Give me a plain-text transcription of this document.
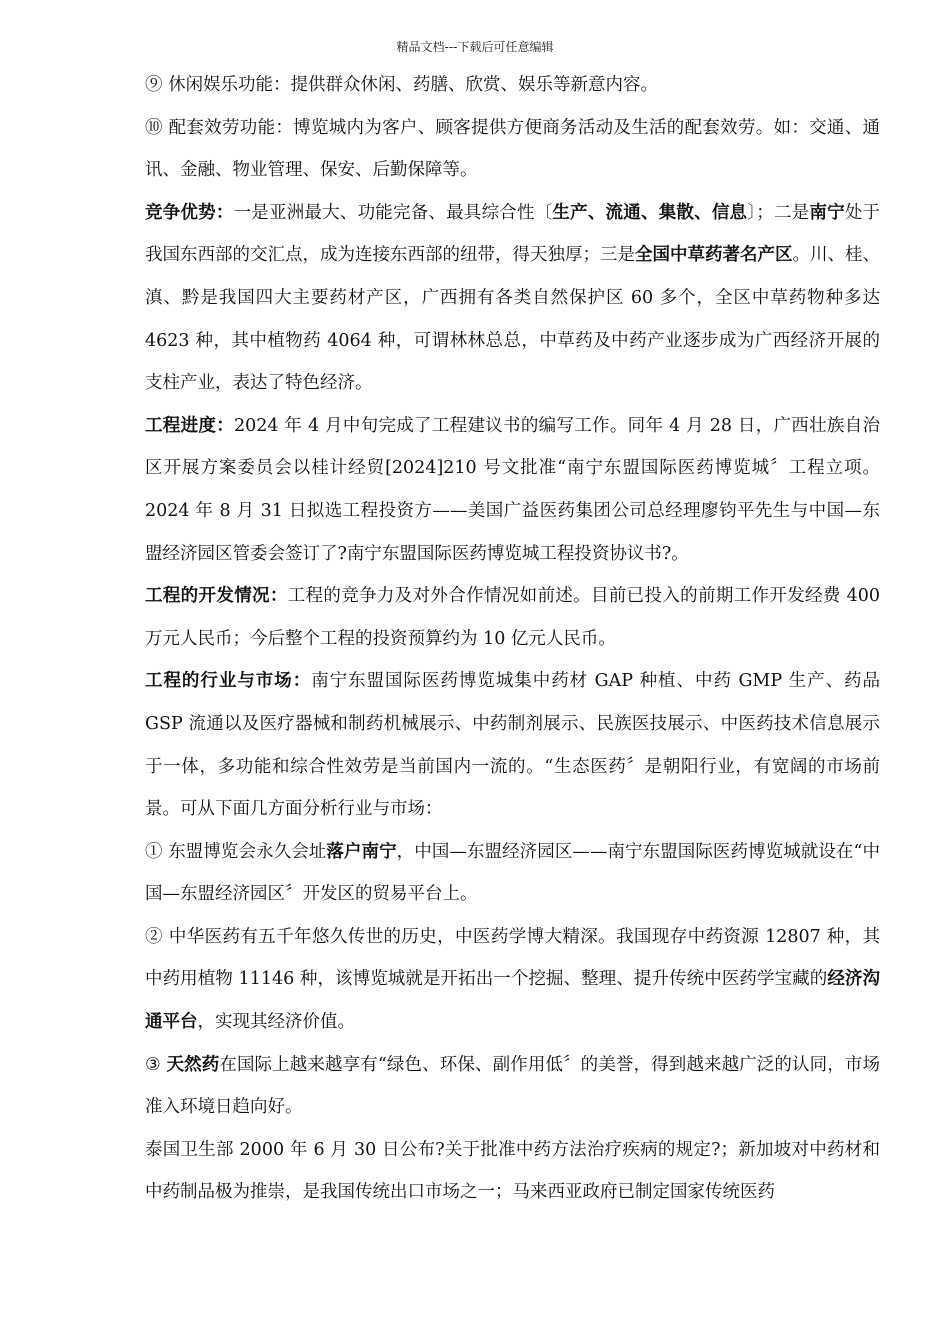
精品文档---下载后可任意编辑

⑨ 休闲娱乐功能：提供群众休闲、药膳、欣赏、娱乐等新意内容。

⑩ 配套效劳功能：博览城内为客户、顾客提供方便商务活动及生活的配套效劳。如：交通、通讯、金融、物业管理、保安、后勤保障等。

竞争优势：一是亚洲最大、功能完备、最具综合性〔生产、流通、集散、信息〕；二是南宁处于我国东西部的交汇点，成为连接东西部的纽带，得天独厚；三是全国中草药著名产区。川、桂、滇、黔是我国四大主要药材产区，广西拥有各类自然保护区 60 多个，全区中草药物种多达 4623 种，其中植物药 4064 种，可谓林林总总，中草药及中药产业逐步成为广西经济开展的支柱产业，表达了特色经济。

工程进度：2024 年 4 月中旬完成了工程建议书的编写工作。同年 4 月 28 日，广西壮族自治区开展方案委员会以桂计经贸[2024]210 号文批准“南宁东盟国际医药博览城〞工程立项。2024 年 8 月 31 日拟选工程投资方——美国广益医药集团公司总经理廖钧平先生与中国—东盟经济园区管委会签订了?南宁东盟国际医药博览城工程投资协议书?。

工程的开发情况：工程的竞争力及对外合作情况如前述。目前已投入的前期工作开发经费 400 万元人民币；今后整个工程的投资预算约为 10 亿元人民币。

工程的行业与市场：南宁东盟国际医药博览城集中药材 GAP 种植、中药 GMP 生产、药品 GSP 流通以及医疗器械和制药机械展示、中药制剂展示、民族医技展示、中医药技术信息展示于一体，多功能和综合性效劳是当前国内一流的。“生态医药〞是朝阳行业，有宽阔的市场前景。可从下面几方面分析行业与市场：

① 东盟博览会永久会址落户南宁，中国—东盟经济园区——南宁东盟国际医药博览城就设在“中国—东盟经济园区〞开发区的贸易平台上。

② 中华医药有五千年悠久传世的历史，中医药学博大精深。我国现存中药资源 12807 种，其中药用植物 11146 种，该博览城就是开拓出一个挖掘、整理、提升传统中医药学宝藏的经济沟通平台，实现其经济价值。

③ 天然药在国际上越来越享有“绿色、环保、副作用低〞的美誉，得到越来越广泛的认同，市场准入环境日趋向好。

泰国卫生部 2000 年 6 月 30 日公布?关于批准中药方法治疗疾病的规定?；新加坡对中药材和中药制品极为推崇，是我国传统出口市场之一；马来西亚政府已制定国家传统医药
